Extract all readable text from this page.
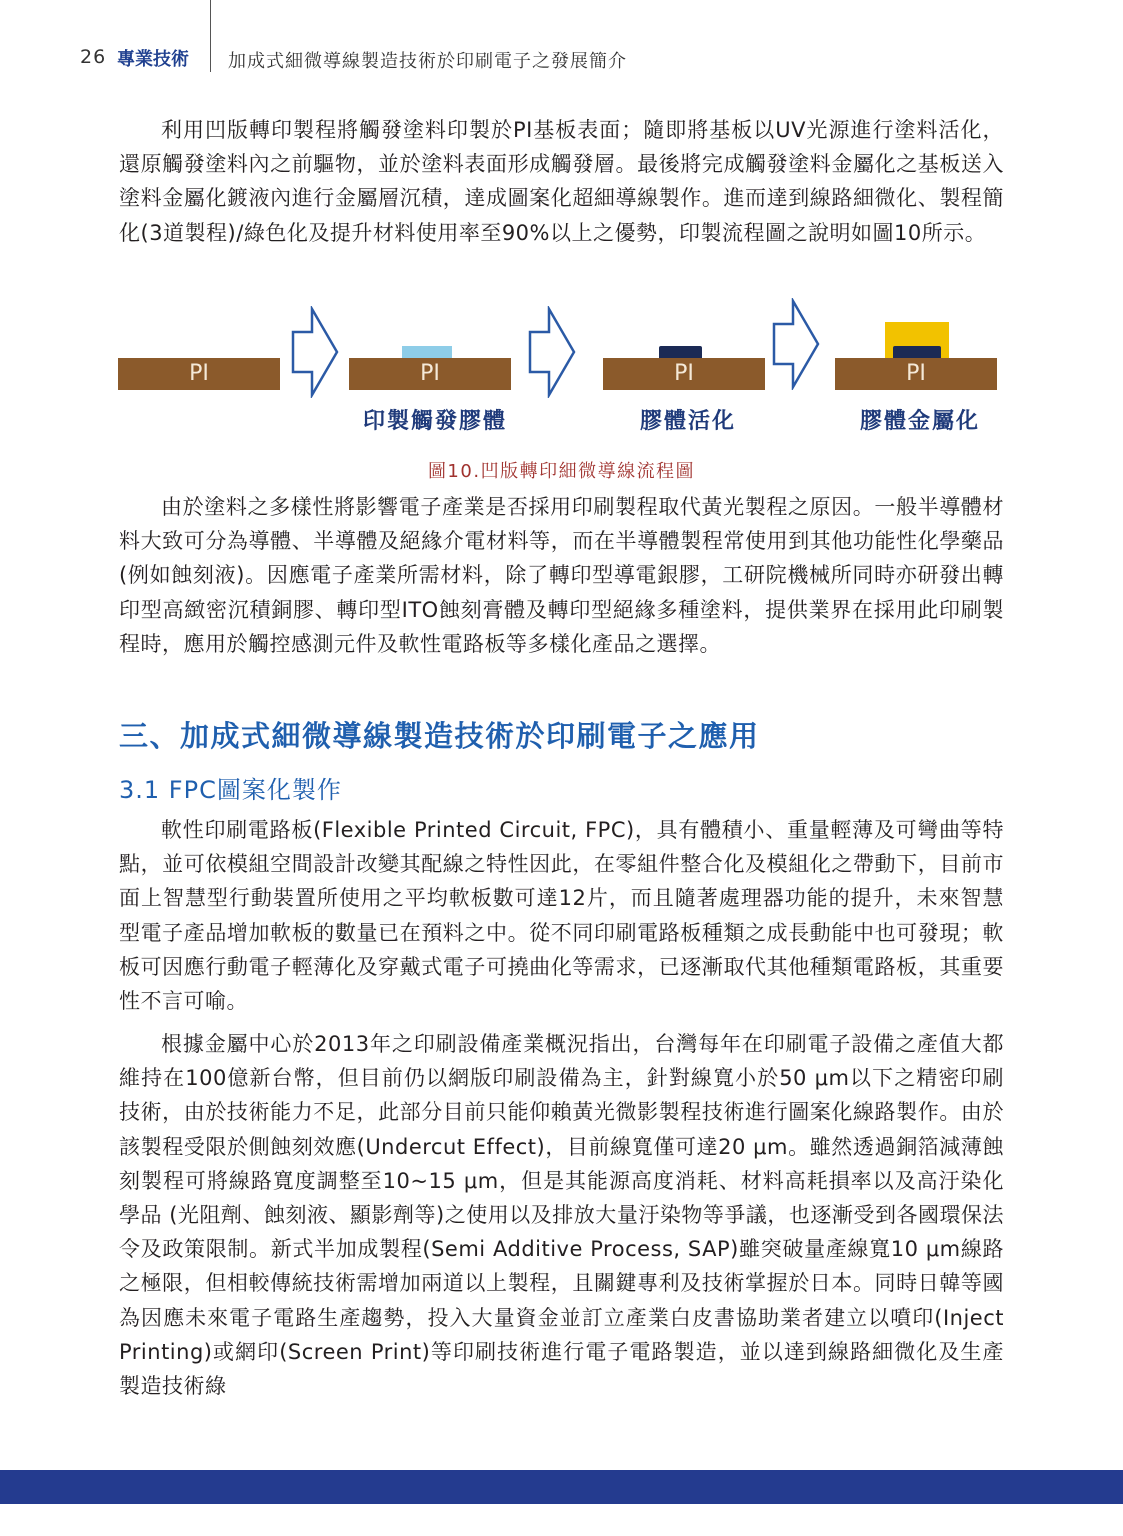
26 專業技術 加成式細微導線製造技術於印刷電子之發展簡介

利用凹版轉印製程將觸發塗料印製於PI基板表面；隨即將基板以UV光源進行塗料活化，還原觸發塗料內之前驅物，並於塗料表面形成觸發層。最後將完成觸發塗料金屬化之基板送入塗料金屬化鍍液內進行金屬層沉積，達成圖案化超細導線製作。進而達到線路細微化、製程簡化(3道製程)/綠色化及提升材料使用率至90%以上之優勢，印製流程圖之說明如圖10所示。

PI	PI
印製觸發膠體
PI
膠體活化
PI
膠體金屬化
圖10.凹版轉印細微導線流程圖

由於塗料之多樣性將影響電子產業是否採用印刷製程取代黃光製程之原因。一般半導體材料大致可分為導體、半導體及絕緣介電材料等，而在半導體製程常使用到其他功能性化學藥品(例如蝕刻液)。因應電子產業所需材料，除了轉印型導電銀膠，工研院機械所同時亦研發出轉印型高緻密沉積銅膠、轉印型ITO蝕刻膏體及轉印型絕緣多種塗料，提供業界在採用此印刷製程時，應用於觸控感測元件及軟性電路板等多樣化產品之選擇。

三、加成式細微導線製造技術於印刷電子之應用
3.1 FPC圖案化製作

軟性印刷電路板(Flexible Printed Circuit, FPC)，具有體積小、重量輕薄及可彎曲等特點，並可依模組空間設計改變其配線之特性因此，在零組件整合化及模組化之帶動下，目前市面上智慧型行動裝置所使用之平均軟板數可達12片，而且隨著處理器功能的提升，未來智慧型電子產品增加軟板的數量已在預料之中。從不同印刷電路板種類之成長動能中也可發現；軟板可因應行動電子輕薄化及穿戴式電子可撓曲化等需求，已逐漸取代其他種類電路板，其重要性不言可喻。

根據金屬中心於2013年之印刷設備產業概況指出，台灣每年在印刷電子設備之產值大都維持在100億新台幣，但目前仍以網版印刷設備為主，針對線寬小於50 μm以下之精密印刷技術，由於技術能力不足，此部分目前只能仰賴黃光微影製程技術進行圖案化線路製作。由於該製程受限於側蝕刻效應(Undercut Effect)，目前線寬僅可達20 μm。雖然透過銅箔減薄蝕刻製程可將線路寬度調整至10~15 μm，但是其能源高度消耗、材料高耗損率以及高汙染化學品 (光阻劑、蝕刻液、顯影劑等)之使用以及排放大量汙染物等爭議，也逐漸受到各國環保法令及政策限制。新式半加成製程(Semi Additive Process, SAP)雖突破量產線寬10 μm線路之極限，但相較傳統技術需增加兩道以上製程，且關鍵專利及技術掌握於日本。同時日韓等國為因應未來電子電路生產趨勢，投入大量資金並訂立產業白皮書協助業者建立以噴印(Inject Printing)或網印(Screen Print)等印刷技術進行電子電路製造，並以達到線路細微化及生產製造技術綠
